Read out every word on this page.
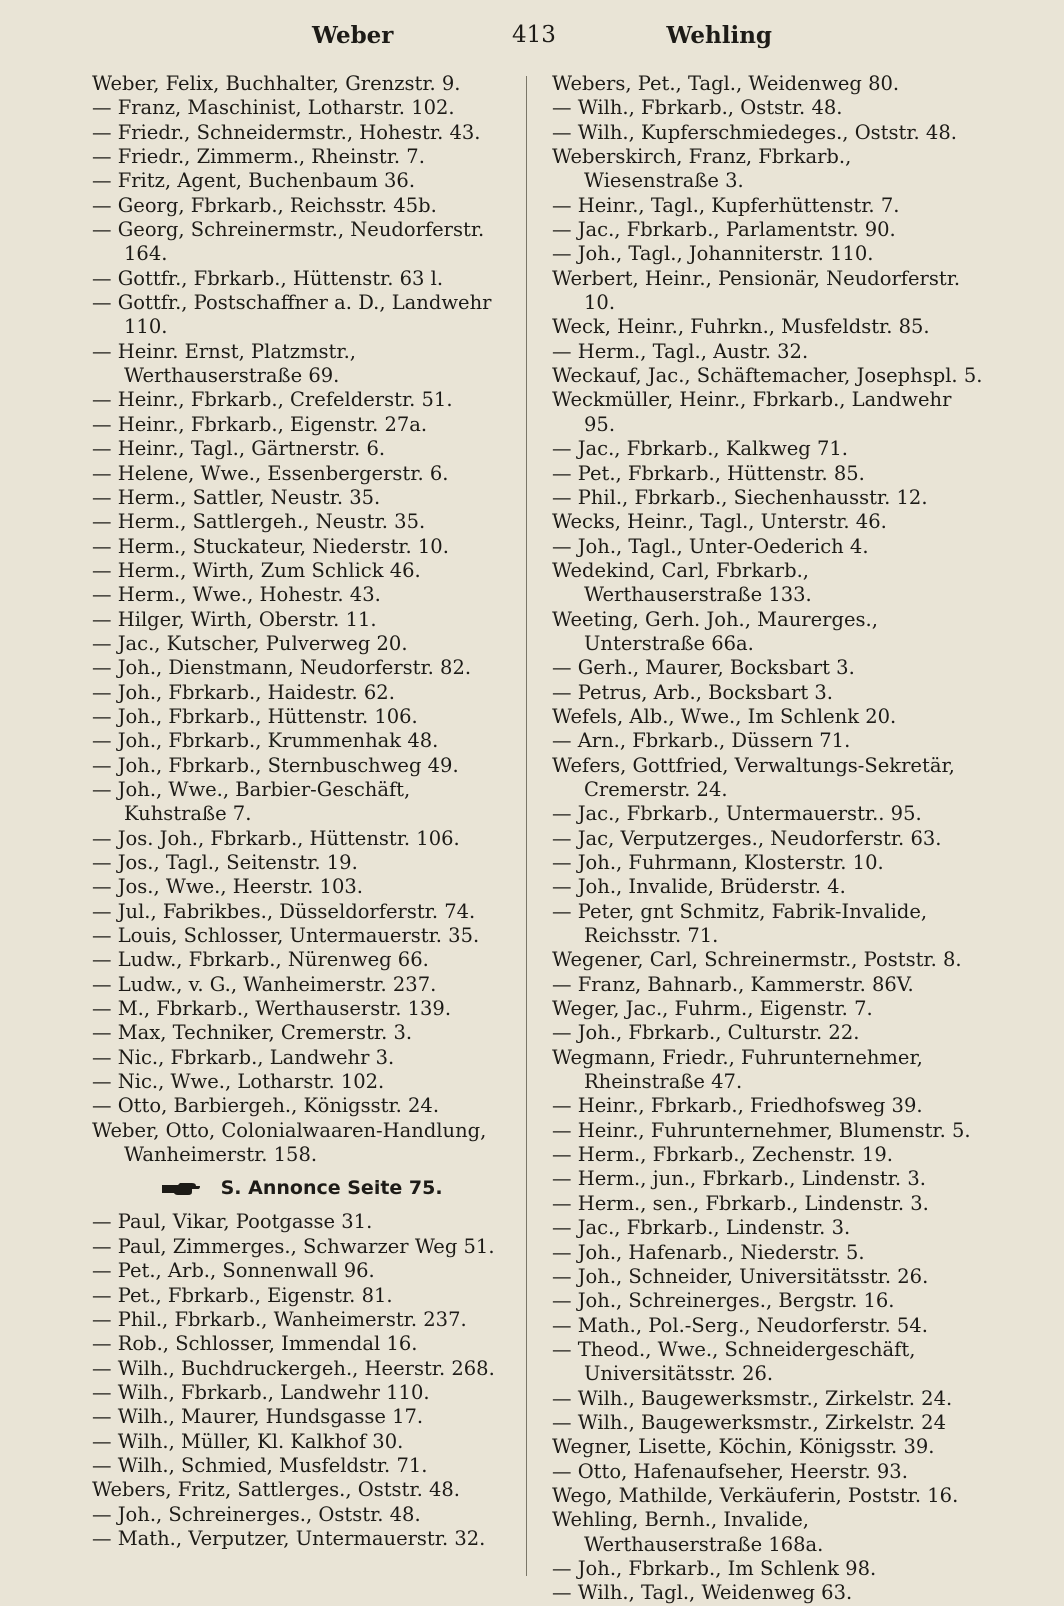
Weber	413	Wehling
Weber, Felix, Buchhalter, Grenzstr. 9.
— Franz, Maschinist, Lotharstr. 102.
— Friedr., Schneidermstr., Hohestr. 43.
— Friedr., Zimmerm., Rheinstr. 7.
— Fritz, Agent, Buchenbaum 36.
— Georg, Fbrkarb., Reichsstr. 45b.
— Georg, Schreinermstr., Neudorferstr. 164.
— Gottfr., Fbrkarb., Hüttenstr. 63 l.
— Gottfr., Postschaffner a. D., Landwehr 110.
— Heinr. Ernst, Platzmstr., Werthauserstraße 69.
— Heinr., Fbrkarb., Crefelderstr. 51.
— Heinr., Fbrkarb., Eigenstr. 27a.
— Heinr., Tagl., Gärtnerstr. 6.
— Helene, Wwe., Essenbergerstr. 6.
— Herm., Sattler, Neustr. 35.
— Herm., Sattlergeh., Neustr. 35.
— Herm., Stuckateur, Niederstr. 10.
— Herm., Wirth, Zum Schlick 46.
— Herm., Wwe., Hohestr. 43.
— Hilger, Wirth, Oberstr. 11.
— Jac., Kutscher, Pulverweg 20.
— Joh., Dienstmann, Neudorferstr. 82.
— Joh., Fbrkarb., Haidestr. 62.
— Joh., Fbrkarb., Hüttenstr. 106.
— Joh., Fbrkarb., Krummenhak 48.
— Joh., Fbrkarb., Sternbuschweg 49.
— Joh., Wwe., Barbier-Geschäft, Kuhstraße 7.
— Jos. Joh., Fbrkarb., Hüttenstr. 106.
— Jos., Tagl., Seitenstr. 19.
— Jos., Wwe., Heerstr. 103.
— Jul., Fabrikbes., Düsseldorferstr. 74.
— Louis, Schlosser, Untermauerstr. 35.
— Ludw., Fbrkarb., Nürenweg 66.
— Ludw., v. G., Wanheimerstr. 237.
— M., Fbrkarb., Werthauserstr. 139.
— Max, Techniker, Cremerstr. 3.
— Nic., Fbrkarb., Landwehr 3.
— Nic., Wwe., Lotharstr. 102.
— Otto, Barbiergeh., Königsstr. 24.
Weber, Otto, Colonialwaaren-Handlung, Wanheimerstr. 158.
S. Annonce Seite 75.
— Paul, Vikar, Pootgasse 31.
— Paul, Zimmerges., Schwarzer Weg 51.
— Pet., Arb., Sonnenwall 96.
— Pet., Fbrkarb., Eigenstr. 81.
— Phil., Fbrkarb., Wanheimerstr. 237.
— Rob., Schlosser, Immendal 16.
— Wilh., Buchdruckergeh., Heerstr. 268.
— Wilh., Fbrkarb., Landwehr 110.
— Wilh., Maurer, Hundsgasse 17.
— Wilh., Müller, Kl. Kalkhof 30.
— Wilh., Schmied, Musfeldstr. 71.
Webers, Fritz, Sattlerges., Oststr. 48.
— Joh., Schreinerges., Oststr. 48.
— Math., Verputzer, Untermauerstr. 32.
Webers, Pet., Tagl., Weidenweg 80.
— Wilh., Fbrkarb., Oststr. 48.
— Wilh., Kupferschmiedeges., Oststr. 48.
Weberskirch, Franz, Fbrkarb., Wiesenstraße 3.
— Heinr., Tagl., Kupferhüttenstr. 7.
— Jac., Fbrkarb., Parlamentstr. 90.
— Joh., Tagl., Johanniterstr. 110.
Werbert, Heinr., Pensionär, Neudorferstr. 10.
Weck, Heinr., Fuhrkn., Musfeldstr. 85.
— Herm., Tagl., Austr. 32.
Weckauf, Jac., Schäftemacher, Josephspl. 5.
Weckmüller, Heinr., Fbrkarb., Landwehr 95.
— Jac., Fbrkarb., Kalkweg 71.
— Pet., Fbrkarb., Hüttenstr. 85.
— Phil., Fbrkarb., Siechenhausstr. 12.
Wecks, Heinr., Tagl., Unterstr. 46.
— Joh., Tagl., Unter-Oederich 4.
Wedekind, Carl, Fbrkarb., Werthauserstraße 133.
Weeting, Gerh. Joh., Maurerges., Unterstraße 66a.
— Gerh., Maurer, Bocksbart 3.
— Petrus, Arb., Bocksbart 3.
Wefels, Alb., Wwe., Im Schlenk 20.
— Arn., Fbrkarb., Düssern 71.
Wefers, Gottfried, Verwaltungs-Sekretär, Cremerstr. 24.
— Jac., Fbrkarb., Untermauerstr.. 95.
— Jac, Verputzerges., Neudorferstr. 63.
— Joh., Fuhrmann, Klosterstr. 10.
— Joh., Invalide, Brüderstr. 4.
— Peter, gnt Schmitz, Fabrik-Invalide, Reichsstr. 71.
Wegener, Carl, Schreinermstr., Poststr. 8.
— Franz, Bahnarb., Kammerstr. 86V.
Weger, Jac., Fuhrm., Eigenstr. 7.
— Joh., Fbrkarb., Culturstr. 22.
Wegmann, Friedr., Fuhrunternehmer, Rheinstraße 47.
— Heinr., Fbrkarb., Friedhofsweg 39.
— Heinr., Fuhrunternehmer, Blumenstr. 5.
— Herm., Fbrkarb., Zechenstr. 19.
— Herm., jun., Fbrkarb., Lindenstr. 3.
— Herm., sen., Fbrkarb., Lindenstr. 3.
— Jac., Fbrkarb., Lindenstr. 3.
— Joh., Hafenarb., Niederstr. 5.
— Joh., Schneider, Universitätsstr. 26.
— Joh., Schreinerges., Bergstr. 16.
— Math., Pol.-Serg., Neudorferstr. 54.
— Theod., Wwe., Schneidergeschäft, Universitätsstr. 26.
— Wilh., Baugewerksmstr., Zirkelstr. 24.
— Wilh., Baugewerksmstr., Zirkelstr. 24
Wegner, Lisette, Köchin, Königsstr. 39.
— Otto, Hafenaufseher, Heerstr. 93.
Wego, Mathilde, Verkäuferin, Poststr. 16.
Wehling, Bernh., Invalide, Werthauserstraße 168a.
— Joh., Fbrkarb., Im Schlenk 98.
— Wilh., Tagl., Weidenweg 63.
